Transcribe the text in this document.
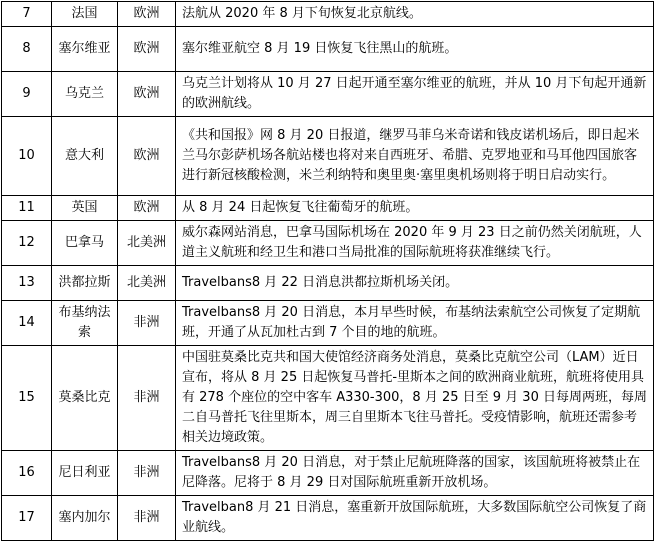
7	法国	欧洲	法航从 2020 年 8 月下旬恢复北京航线。
8	塞尔维亚	欧洲	塞尔维亚航空 8 月 19 日恢复飞往黑山的航班。
9	乌克兰	欧洲	乌克兰计划将从 10 月 27 日起开通至塞尔维亚的航班，并从 10 月下旬起开通新的欧洲航线。
10	意大利	欧洲	《共和国报》网 8 月 20 日报道，继罗马菲乌米奇诺和钱皮诺机场后，即日起米兰马尔彭萨机场各航站楼也将对来自西班牙、希腊、克罗地亚和马耳他四国旅客进行新冠核酸检测，米兰利纳特和奥里奥·塞里奥机场则将于明日启动实行。
11	英国	欧洲	从 8 月 24 日起恢复飞往葡萄牙的航班。
12	巴拿马	北美洲	威尔森网站消息，巴拿马国际机场在 2020 年 9 月 23 日之前仍然关闭航班，人道主义航班和经卫生和港口当局批准的国际航班将获准继续飞行。
13	洪都拉斯	北美洲	Travelbans8 月 22 日消息洪都拉斯机场关闭。
14	布基纳法索	非洲	Travelbans8 月 20 日消息，本月早些时候，布基纳法索航空公司恢复了定期航班，开通了从瓦加杜古到 7 个目的地的航班。
15	莫桑比克	非洲	中国驻莫桑比克共和国大使馆经济商务处消息，莫桑比克航空公司（LAM）近日宣布，将从 8 月 25 日起恢复马普托-里斯本之间的欧洲商业航班，航班将使用具有 278 个座位的空中客车 A330-300，8 月 25 日至 9 月 30 日每周两班，每周二自马普托飞往里斯本，周三自里斯本飞往马普托。受疫情影响，航班还需参考相关边境政策。
16	尼日利亚	非洲	Travelbans8 月 20 日消息，对于禁止尼航班降落的国家，该国航班将被禁止在尼降落。尼将于 8 月 29 日对国际航班重新开放机场。
17	塞内加尔	非洲	Travelban8 月 21 日消息，塞重新开放国际航班，大多数国际航空公司恢复了商业航线。
